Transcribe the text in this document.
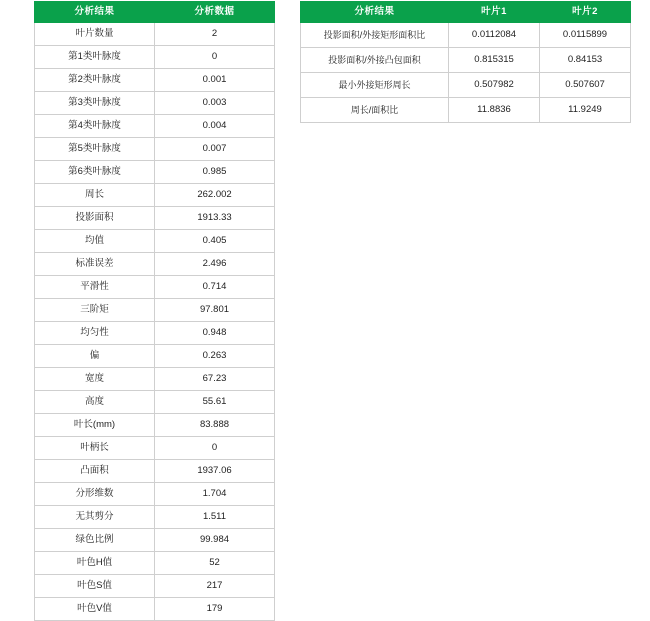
分析结果	分析数据
叶片数量	2
第1类叶脉度	0
第2类叶脉度	0.001
第3类叶脉度	0.003
第4类叶脉度	0.004
第5类叶脉度	0.007
第6类叶脉度	0.985
周长	262.002
投影面积	1913.33
均值	0.405
标准误差	2.496
平滑性	0.714
三阶矩	97.801
均匀性	0.948
偏	0.263
宽度	67.23
高度	55.61
叶长(mm)	83.888
叶柄长	0
凸面积	1937.06
分形维数	1.704
无其剪分	1.511
绿色比例	99.984
叶色H值	52
叶色S值	217
叶色V值	179
分析结果	叶片1	叶片2
投影面积/外接矩形面积比	0.0112084	0.0115899
投影面积/外接凸包面积	0.815315	0.84153
最小外接矩形周长	0.507982	0.507607
周长/面积比	11.8836	11.9249
